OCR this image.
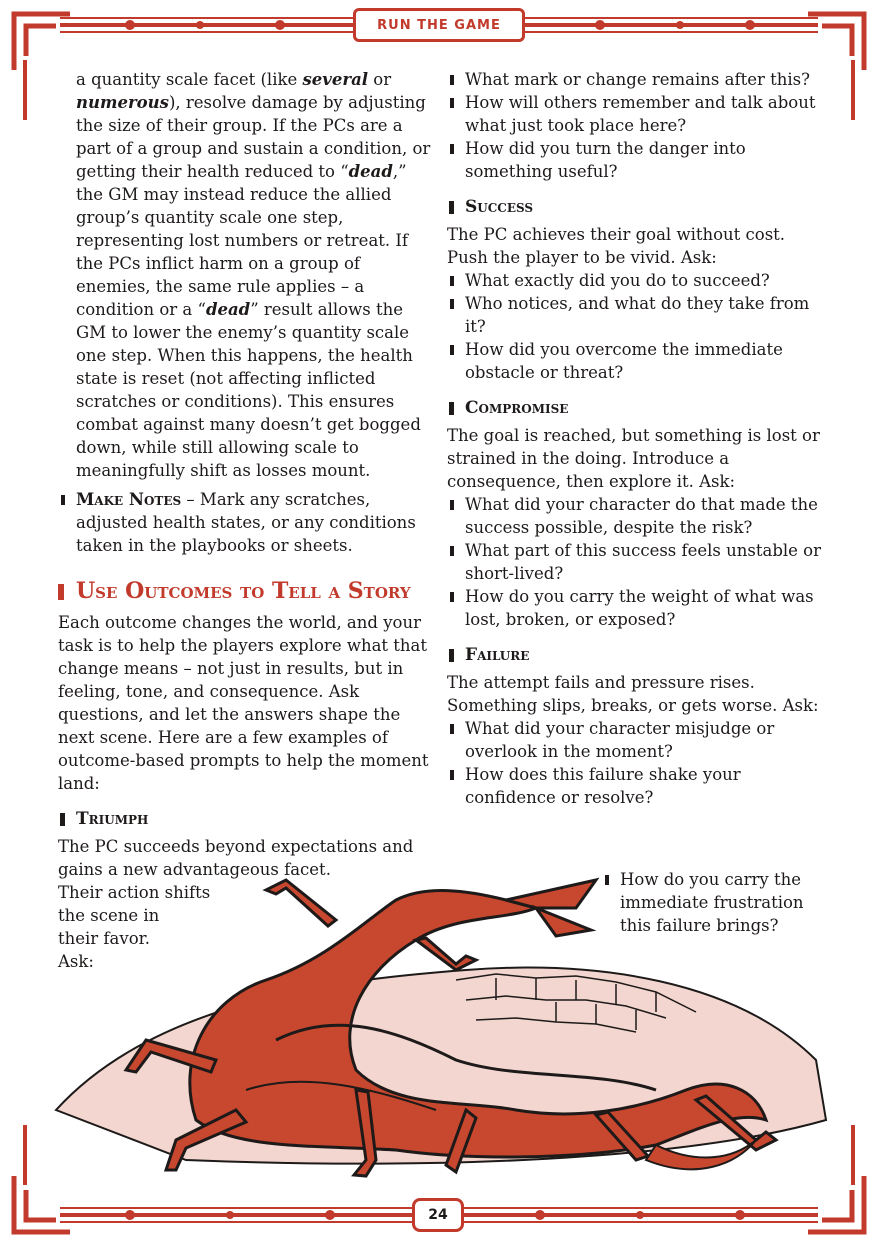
RUN THE GAME

a quantity scale facet (like several or numerous), resolve damage by adjusting the size of their group. If the PCs are a part of a group and sustain a condition, or getting their health reduced to “dead,” the GM may instead reduce the allied group’s quantity scale one step, representing lost numbers or retreat. If the PCs inflict harm on a group of enemies, the same rule applies – a condition or a “dead” result allows the GM to lower the enemy’s quantity scale one step. When this happens, the health state is reset (not affecting inflicted scratches or conditions). This ensures combat against many doesn’t get bogged down, while still allowing scale to meaningfully shift as losses mount.

Make Notes – Mark any scratches, adjusted health states, or any conditions taken in the playbooks or sheets.
Use Outcomes to Tell a Story

Each outcome changes the world, and your task is to help the players explore what that change means – not just in results, but in feeling, tone, and consequence. Ask questions, and let the answers shape the next scene. Here are a few examples of outcome-based prompts to help the moment land:

Triumph

The PC succeeds beyond expectations and gains a new advantageous facet.

Their action shifts

the scene in

their favor.

Ask:

What mark or change remains after this?
How will others remember and talk about what just took place here?
How did you turn the danger into something useful?
Success

The PC achieves their goal without cost. Push the player to be vivid. Ask:

What exactly did you do to succeed?
Who notices, and what do they take from it?
How did you overcome the immediate obstacle or threat?
Compromise

The goal is reached, but something is lost or strained in the doing. Introduce a consequence, then explore it. Ask:

What did your character do that made the success possible, despite the risk?
What part of this success feels unstable or short-lived?
How do you carry the weight of what was lost, broken, or exposed?
Failure

The attempt fails and pressure rises. Something slips, breaks, or gets worse. Ask:

What did your character misjudge or overlook in the moment?
How does this failure shake your confidence or resolve?
How do you carry the immediate frustration this failure brings?
24
